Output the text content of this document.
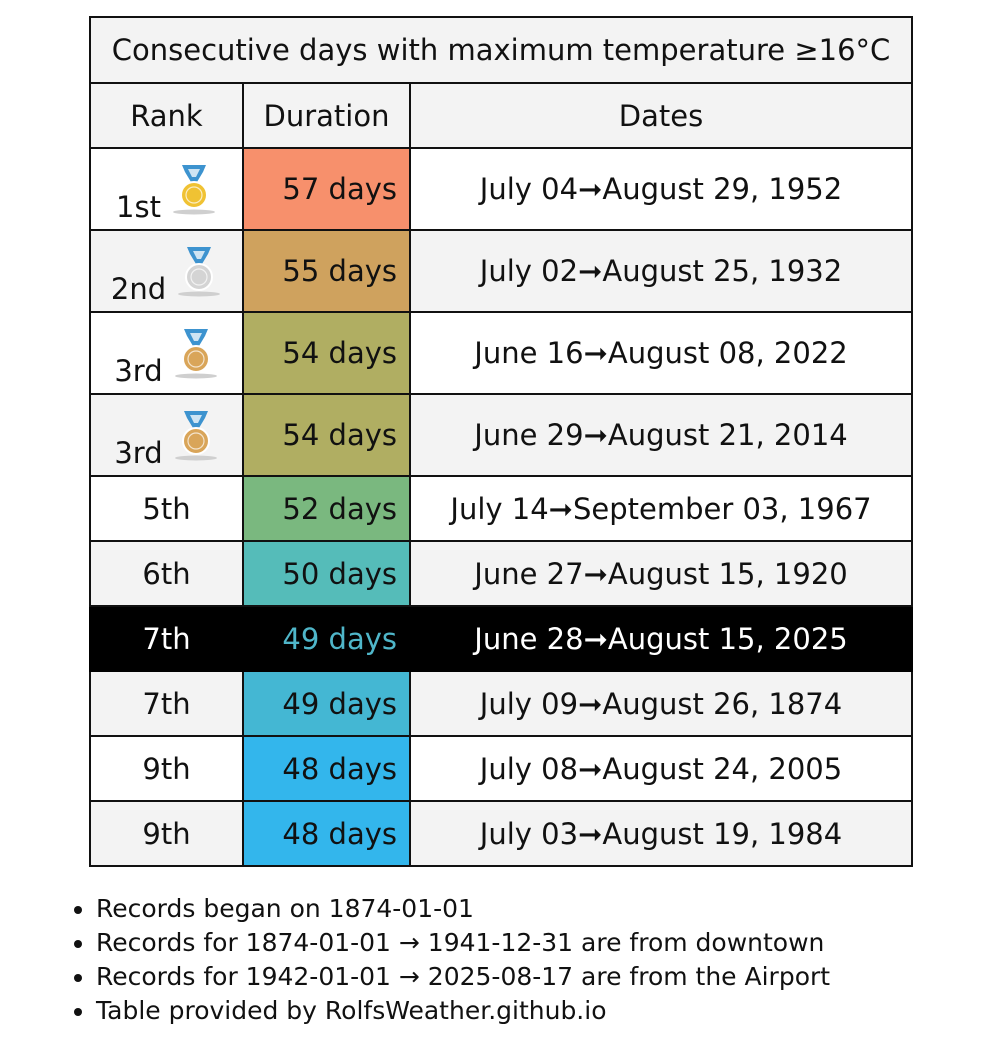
Consecutive days with maximum temperature ≥16°C		
Rank	Duration	Dates

1st	57 days	July 04➞August 29, 1952

2nd	55 days	July 02➞August 25, 1932

3rd	54 days	June 16➞August 08, 2022

3rd	54 days	June 29➞August 21, 2014
5th	52 days	July 14➞September 03, 1967
6th	50 days	June 27➞August 15, 1920
7th	49 days	June 28➞August 15, 2025
7th	49 days	July 09➞August 26, 1874
9th	48 days	July 08➞August 24, 2005
9th	48 days	July 03➞August 19, 1984
• Records began on 1874-01-01
• Records for 1874-01-01 → 1941-12-31 are from downtown
• Records for 1942-01-01 → 2025-08-17 are from the Airport
• Table provided by RolfsWeather.github.io
